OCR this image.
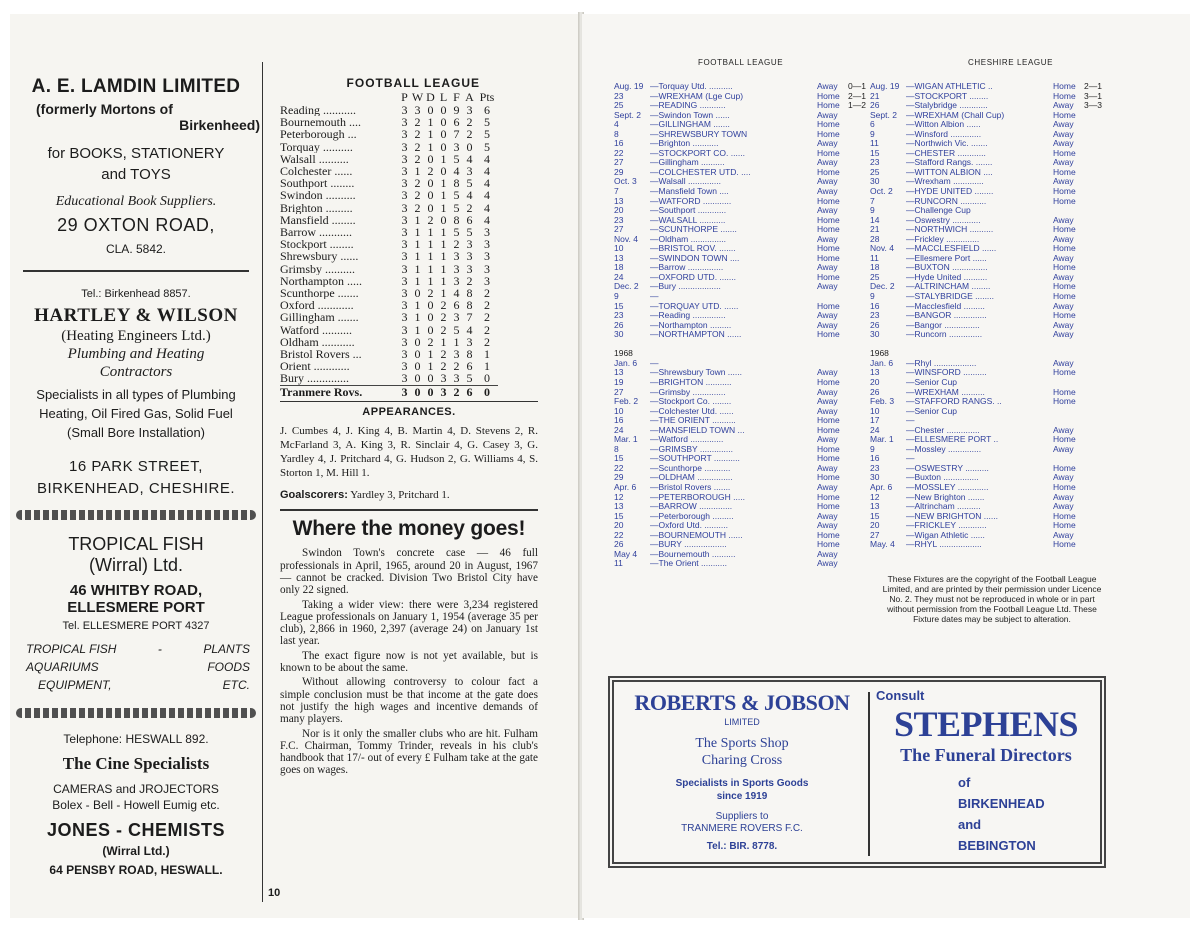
A. E. LAMDIN LIMITED
(formerly Mortons of
Birkenheed)
for BOOKS, STATIONERY
and TOYS
Educational Book Suppliers.
29 OXTON ROAD,
CLA. 5842.
Tel.: Birkenhead 8857.
HARTLEY & WILSON
(Heating Engineers Ltd.)
Plumbing and Heating
Contractors
Specialists in all types of Plumbing
Heating, Oil Fired Gas, Solid Fuel
(Small Bore Installation)
16 PARK STREET,
BIRKENHEAD, CHESHIRE.
TROPICAL FISH
(Wirral) Ltd.
46 WHITBY ROAD,
ELLESMERE PORT
Tel. ELLESMERE PORT 4327
TROPICAL FISH	-	PLANTS
AQUARIUMS	FOODS
EQUIPMENT,	ETC.
Telephone: HESWALL 892.
The Cine Specialists
CAMERAS and JROJECTORS
Bolex - Bell - Howell Eumig etc.
JONES - CHEMISTS
(Wirral Ltd.)
64 PENSBY ROAD, HESWALL.
FOOTBALL LEAGUE
	P	W	D	L	F	A	Pts
Reading ...........	3	3	0	0	9	3	6
Bournemouth ....	3	2	1	0	6	2	5
Peterborough ...	3	2	1	0	7	2	5
Torquay ..........	3	2	1	0	3	0	5
Walsall ..........	3	2	0	1	5	4	4
Colchester ......	3	1	2	0	4	3	4
Southport ........	3	2	0	1	8	5	4
Swindon ..........	3	2	0	1	5	4	4
Brighton .........	3	2	0	1	5	2	4
Mansfield ........	3	1	2	0	8	6	4
Barrow ...........	3	1	1	1	5	5	3
Stockport ........	3	1	1	1	2	3	3
Shrewsbury ......	3	1	1	1	3	3	3
Grimsby ..........	3	1	1	1	3	3	3
Northampton .....	3	1	1	1	3	2	3
Scunthorpe .......	3	0	2	1	4	8	2
Oxford ............	3	1	0	2	6	8	2
Gillingham .......	3	1	0	2	3	7	2
Watford ..........	3	1	0	2	5	4	2
Oldham ...........	3	0	2	1	1	3	2
Bristol Rovers ...	3	0	1	2	3	8	1
Orient ............	3	0	1	2	2	6	1
Bury ..............	3	0	0	3	3	5	0
Tranmere Rovs.	3	0	0	3	2	6	0
APPEARANCES.
J. Cumbes 4, J. King 4, B. Martin 4, D. Stevens 2, R. McFarland 3, A. King 3, R. Sinclair 4, G. Casey 3, G. Yardley 4, J. Pritchard 4, G. Hudson 2, G. Williams 4, S. Storton 1, M. Hill 1.
Goalscorers: Yardley 3, Pritchard 1.
Where the money goes!
Swindon Town's concrete case — 46 full professionals in April, 1965, around 20 in August, 1967 — cannot be cracked. Division Two Bristol City have only 22 signed.
Taking a wider view: there were 3,234 registered League professionals on January 1, 1954 (average 35 per club), 2,866 in 1960, 2,397 (average 24) on January 1st last year.
The exact figure now is not yet available, but is known to be about the same.
Without allowing controversy to colour fact a simple conclusion must be that income at the gate does not justify the high wages and incentive demands of many players.
Nor is it only the smaller clubs who are hit. Fulham F.C. Chairman, Tommy Trinder, reveals in his club's handbook that 17/- out of every £ Fulham take at the gate goes on wages.
10
FOOTBALL LEAGUE	CHESHIRE LEAGUE
Aug. 19 —Torquay Utd. ..........	Away	0—1
23	—WREXHAM (Lge Cup)	Home 2—1
25	—READING ...........	Home 1—2
Sept. 2	—Swindon Town ......	Away
4	—GILLINGHAM .......	Home
8	—SHREWSBURY TOWN	Home
16	—Brighton ...........	Away
22	—STOCKPORT CO. ......	Home
27	—Gillingham ..........	Away
29	—COLCHESTER UTD. ....	Home
Oct. 3	—Walsall ..............	Away
7	—Mansfield Town ....	Away
13	—WATFORD ............	Home
20	—Southport ............	Away
23	—WALSALL ...........	Home
27	—SCUNTHORPE .......	Home
Nov. 4	—Oldham ...............	Away
10	—BRISTOL ROV. .......	Home
13	—SWINDON TOWN ....	Home
18	—Barrow ...............	Away
24	—OXFORD UTD. .......	Home
Dec. 2	—Bury ..................	Away
9	—
15	—TORQUAY UTD. ......	Home
23	—Reading ..............	Away
26	—Northampton .........	Away
30	—NORTHAMPTON ......	Home
1968
Jan. 6	—
13	—Shrewsbury Town ......	Away
19	—BRIGHTON ...........	Home
27	—Grimsby ..............	Away
Feb. 2	—Stockport Co. ........	Away
10	—Colchester Utd. ......	Away
16	—THE ORIENT ..........	Home
24	—MANSFIELD TOWN ...	Home
Mar. 1	—Watford ..............	Away
8	—GRIMSBY ..............	Home
15	—SOUTHPORT ...........	Home
22	—Scunthorpe ...........	Away
29	—OLDHAM ...............	Home
Apr. 6	—Bristol Rovers .......	Away
12	—PETERBOROUGH .....	Home
13	—BARROW ..............	Home
15	—Peterborough .........	Away
20	—Oxford Utd. ..........	Away
22	—BOURNEMOUTH ......	Home
26	—BURY ..................	Home
May 4	—Bournemouth ..........	Away
11	—The Orient ...........	Away
Aug. 19 —WIGAN ATHLETIC ..	Home 2—1
21	—STOCKPORT ........	Home 3—1
26	—Stalybridge ............	Away	3—3
Sept. 2	—WREXHAM (Chall Cup)	Home
6	—Witton Albion ......	Away
9	—Winsford .............	Away
11	—Northwich Vic. .......	Away
15	—CHESTER ............	Home
23	—Stafford Rangs. .......	Away
25	—WITTON ALBION ....	Home
30	—Wrexham .............	Away
Oct. 2	—HYDE UNITED ........	Home
7	—RUNCORN ...........	Home
9	—Challenge Cup
14	—Oswestry ............	Away
21	—NORTHWICH ..........	Home
28	—Frickley ..............	Away
Nov. 4	—MACCLESFIELD ......	Home
11	—Ellesmere Port ......	Away
18	—BUXTON ...............	Home
25	—Hyde United ..........	Away
Dec. 2	—ALTRINCHAM ........	Home
9	—STALYBRIDGE ........	Home
16	—Macclesfield .........	Away
23	—BANGOR ..............	Home
26	—Bangor ...............	Away
30	—Runcorn ..............	Away
1968
Jan. 6	—Rhyl ..................	Away
13	—WINSFORD ..........	Home
20	—Senior Cup
26	—WREXHAM ..........	Home
Feb. 3	—STAFFORD RANGS. ..	Home
10	—Senior Cup
17	—
24	—Chester ..............	Away
Mar. 1	—ELLESMERE PORT ..	Home
9	—Mossley ..............	Away
16	—
23	—OSWESTRY ..........	Home
30	—Buxton ...............	Away
Apr. 6	—MOSSLEY .............	Home
12	—New Brighton .......	Away
13	—Altrincham ..........	Away
15	—NEW BRIGHTON ......	Home
20	—FRICKLEY ............	Home
27	—Wigan Athletic ......	Away
May. 4	—RHYL ..................	Home
These Fixtures are the copyright of the Football League Limited, and are printed by their permission under Licence No. 2. They must not be reproduced in whole or in part without permission from the Football League Ltd. These Fixture dates may be subject to alteration.
ROBERTS & JOBSON
LIMITED
The Sports Shop
Charing Cross
Specialists in Sports Goods
since 1919
Suppliers to
TRANMERE ROVERS F.C.
Tel.: BIR. 8778.
Consult
STEPHENS
The Funeral Directors
of
BIRKENHEAD
and
BEBINGTON
